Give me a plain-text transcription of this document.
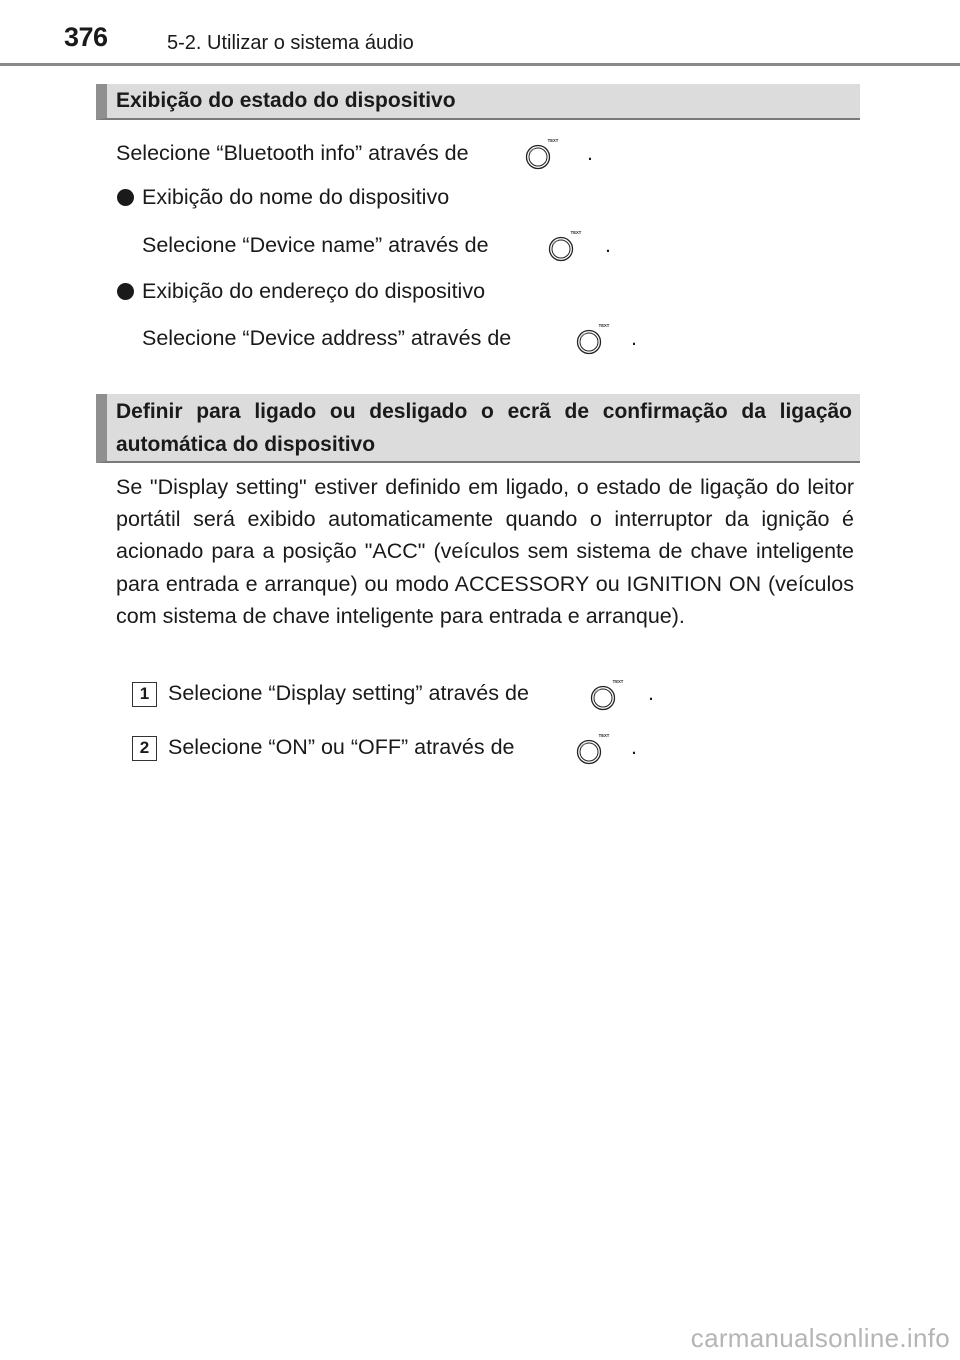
376	5-2. Utilizar o sistema áudio
Exibição do estado do dispositivo
Selecione “Bluetooth info” através de	.
Exibição do nome do dispositivo
Selecione “Device name” através de	.
Exibição do endereço do dispositivo
Selecione “Device address” através de	.
Definir para ligado ou desligado o ecrã de confirmação da ligação automática do dispositivo
Se "Display setting" estiver definido em ligado, o estado de ligação do leitor portátil será exibido automaticamente quando o interruptor da ignição é acionado para a posição "ACC" (veículos sem sistema de chave inteligente para entrada e arranque) ou modo ACCESSORY ou IGNITION ON (veículos com sistema de chave inteligente para entrada e arranque).
1 Selecione “Display setting” através de	.
2 Selecione “ON” ou “OFF” através de	.
carmanualsonline.info
